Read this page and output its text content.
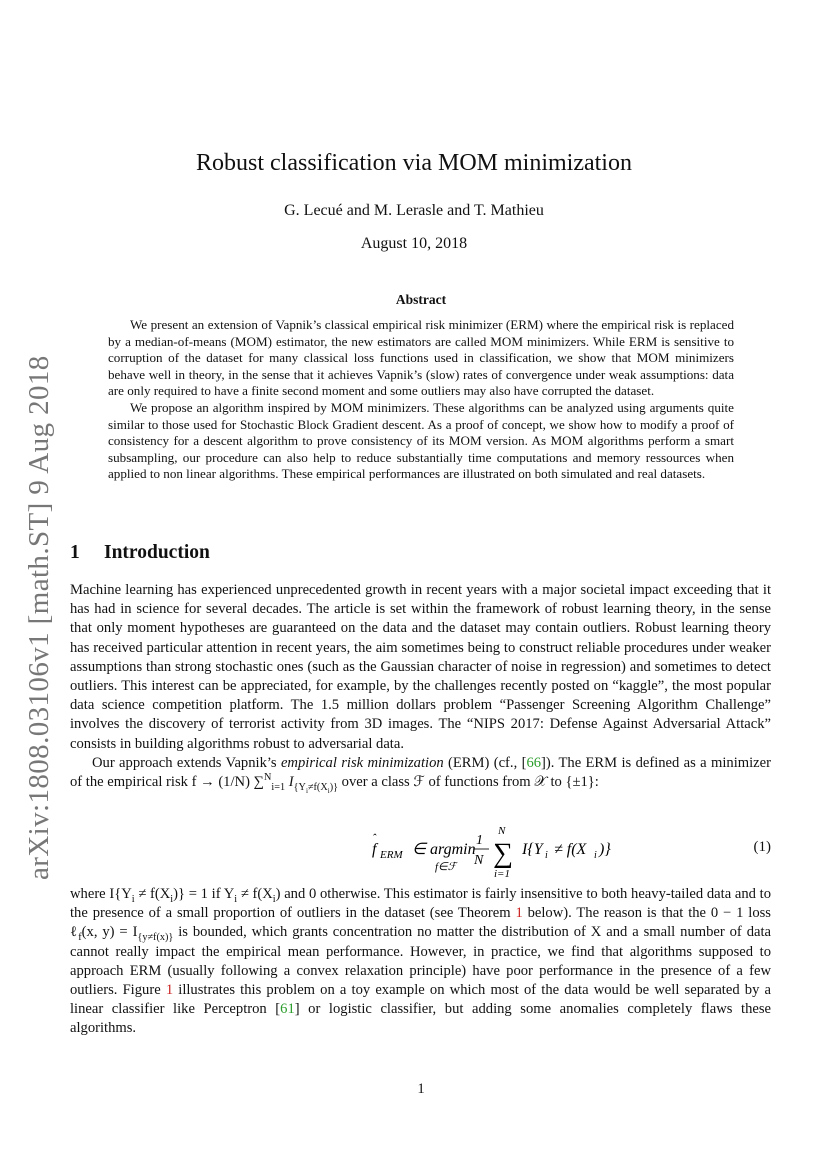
arXiv:1808.03106v1 [math.ST] 9 Aug 2018
Robust classification via MOM minimization
G. Lecué and M. Lerasle and T. Mathieu
August 10, 2018
Abstract

We present an extension of Vapnik’s classical empirical risk minimizer (ERM) where the empirical risk is replaced by a median-of-means (MOM) estimator, the new estimators are called MOM minimizers. While ERM is sensitive to corruption of the dataset for many classical loss functions used in classification, we show that MOM minimizers behave well in theory, in the sense that it achieves Vapnik’s (slow) rates of convergence under weak assumptions: data are only required to have a finite second moment and some outliers may also have corrupted the dataset.

We propose an algorithm inspired by MOM minimizers. These algorithms can be analyzed using arguments quite similar to those used for Stochastic Block Gradient descent. As a proof of concept, we show how to modify a proof of consistency for a descent algorithm to prove consistency of its MOM version. As MOM algorithms perform a smart subsampling, our procedure can also help to reduce substantially time computations and memory ressources when applied to non linear algorithms. These empirical performances are illustrated on both simulated and real datasets.

1 Introduction

Machine learning has experienced unprecedented growth in recent years with a major societal impact exceeding that it has had in science for several decades. The article is set within the framework of robust learning theory, in the sense that only moment hypotheses are guaranteed on the data and the dataset may contain outliers. Robust learning theory has received particular attention in recent years, the aim sometimes being to construct reliable procedures under weaker assumptions than strong stochastic ones (such as the Gaussian character of noise in regression) and sometimes to detect outliers. This interest can be appreciated, for example, by the challenges recently posted on “kaggle”, the most popular data science competition platform. The 1.5 million dollars problem “Passenger Screening Algorithm Challenge” involves the discovery of terrorist activity from 3D images. The “NIPS 2017: Defense Against Adversarial Attack” consists in building algorithms robust to adversarial data.

Our approach extends Vapnik’s empirical risk minimization (ERM) (cf., [66]). The ERM is defined as a minimizer of the empirical risk f → (1/N) ∑$^N_{i=1}$ $I_{\{Y_i\ne f(X_i)\}}$ over a class ℱ of functions from 𝒳 to {±1}:

f
ˆ
ERM ∈ argmin
f∈ℱ
1
N ∑
N
i=1
I{Y i ≠ f(X i )}	(1)

where $I\{Y_i \ne f(X_i)\} = 1$ if $Y_i \ne f(X_i)$ and 0 otherwise. This estimator is fairly insensitive to both heavy-tailed data and to the presence of a small proportion of outliers in the dataset (see Theorem 1 below). The reason is that the 0 − 1 loss ℓ$_f$(x, $y) = I_{\{y\ne f(x)\}}$ is bounded, which grants concentration no matter the distribution of X and a small number of data cannot really impact the empirical mean performance. However, in practice, we find that algorithms supposed to approach ERM (usually following a convex relaxation principle) have poor performance in the presence of a few outliers. Figure 1 illustrates this problem on a toy example on which most of the data would be well separated by a linear classifier like Perceptron [61] or logistic classifier, but adding some anomalies completely flaws these algorithms.

1
